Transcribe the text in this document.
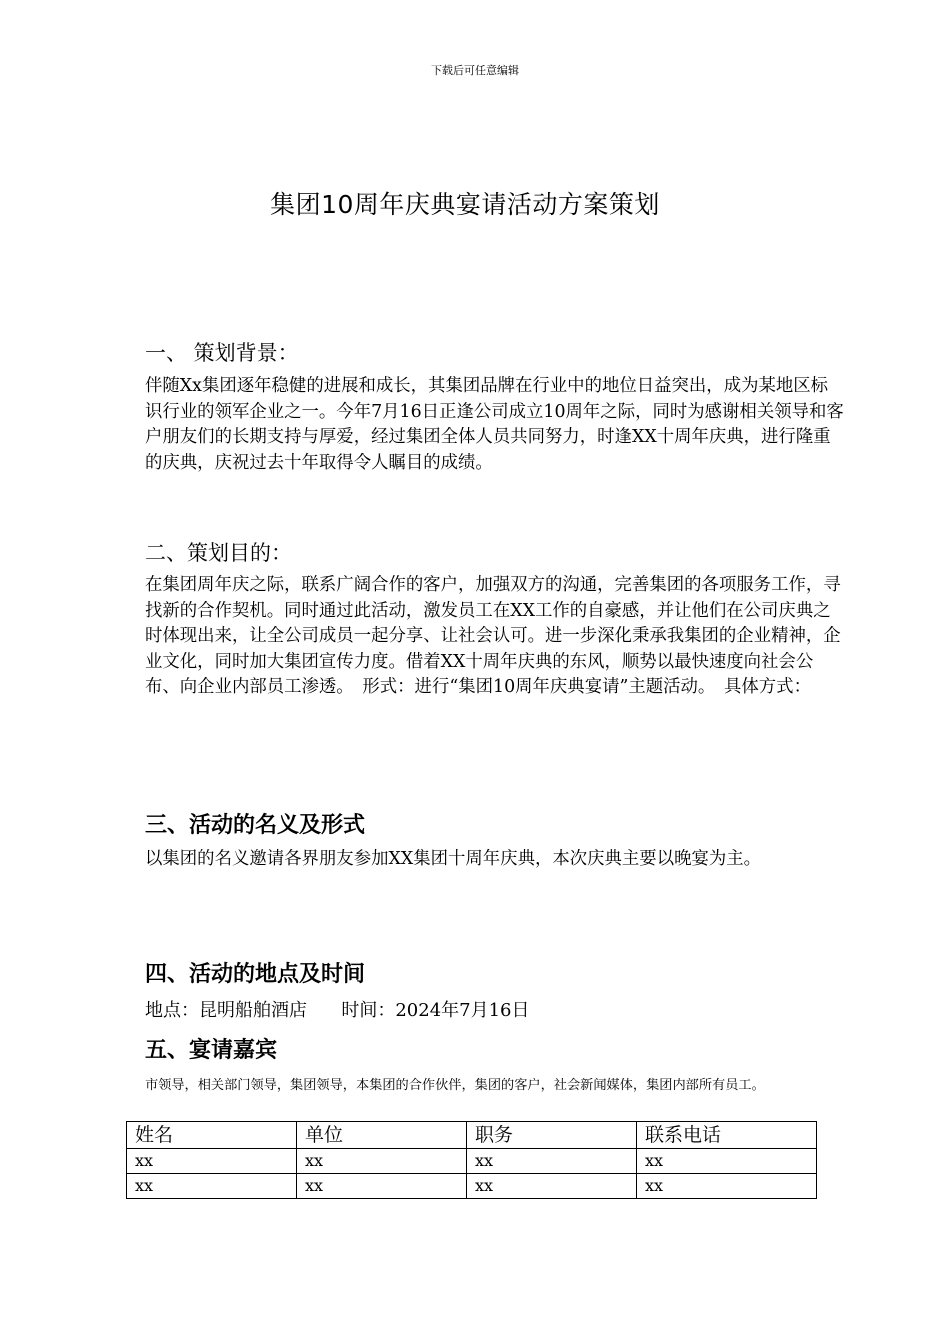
下载后可任意编辑
集团10周年庆典宴请活动方案策划
一、 策划背景：

伴随Xx集团逐年稳健的进展和成长，其集团品牌在行业中的地位日益突出，成为某地区标识行业的领军企业之一。今年7月16日正逢公司成立10周年之际，同时为感谢相关领导和客户朋友们的长期支持与厚爱，经过集团全体人员共同努力，时逢XX十周年庆典，进行隆重的庆典，庆祝过去十年取得令人瞩目的成绩。

二、策划目的：

在集团周年庆之际，联系广阔合作的客户，加强双方的沟通，完善集团的各项服务工作，寻找新的合作契机。同时通过此活动，激发员工在XX工作的自豪感，并让他们在公司庆典之时体现出来，让全公司成员一起分享、让社会认可。进一步深化秉承我集团的企业精神，企业文化，同时加大集团宣传力度。借着XX十周年庆典的东风，顺势以最快速度向社会公布、向企业内部员工渗透。　形式：进行“集团10周年庆典宴请”主题活动。　具体方式：

三、活动的名义及形式

以集团的名义邀请各界朋友参加XX集团十周年庆典，本次庆典主要以晚宴为主。

四、活动的地点及时间
地点：昆明船舶酒店 时间：2024年7月16日
五、宴请嘉宾

市领导，相关部门领导，集团领导，本集团的合作伙伴，集团的客户，社会新闻媒体，集团内部所有员工。

姓名	单位	职务	联系电话
xx	xx	xx	xx
xx	xx	xx	xx
